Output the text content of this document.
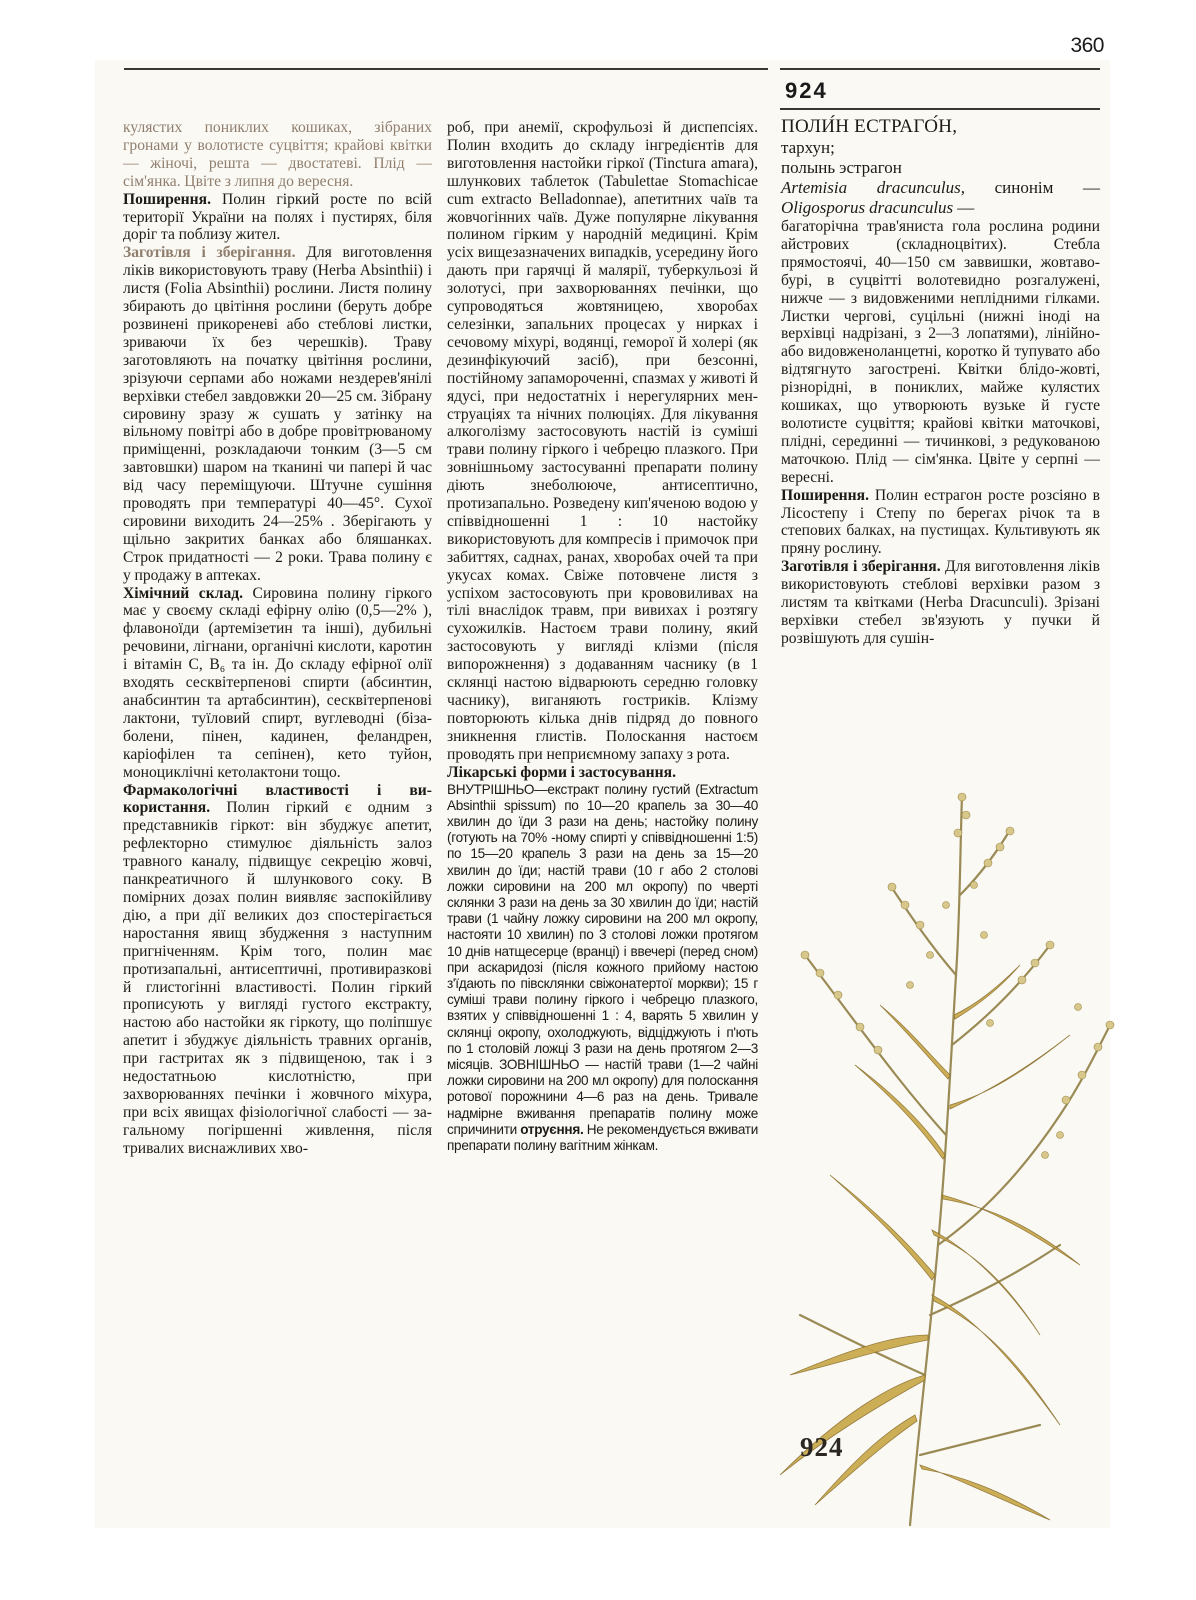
360
924

кулястих пониклих кошиках, зібраних гронами у волотисте суцвіття; крайові квітки — жіночі, решта — двостатеві. Плід — сім'янка. Цвіте з липня до вересня.

Поширення. Полин гіркий росте по всій території України на полях і пустирях, біля доріг та поблизу жител.

Заготівля і зберігання. Для виготовлення ліків використовують траву (Herba Absinthii) і листя (Folia Absinthii) рослини. Листя полину збирають до цвітіння рослини (беруть добре розвинені прикореневі або стеблові листки, зриваючи їх без черешків). Траву заготовляють на початку цвітіння рослини, зрізуючи серпами або ножами нездерев'янілі верхівки стебел завдовжки 20—25 см. Зібрану сировину зразу ж сушать у затінку на вільному повітрі або в добре провітрюваному приміщенні, розкладаючи тонким (3—5 см завтовшки) шаром на тканині чи папері й час від часу переміщуючи. Штучне сушіння проводять при температурі 40—45°. Сухої сировини виходить 24—25% . Зберігають у щільно закритих банках або бляшанках. Строк придатності — 2 роки. Трава полину є у продажу в аптеках.

Хімічний склад. Сировина полину гіркого має у своєму складі ефірну олію (0,5—2% ), флавоноїди (артемізетин та інші), дубильні речовини, лігнани, органічні кислоти, каротин і вітамін C, B₆ та ін. До складу ефірної олії входять сесквітерпенові спирти (абсинтин, анабсинтин та артабсинтин), сесквітерпенові лактони, туїловий спирт, вуглеводні (бізаболени, пінен, кадинен, феландрен, каріофілен та сепінен), кето туйон, моноциклічні кетолактони тощо.

Фармакологічні властивості і використання. Полин гіркий є одним з представників гіркот: він збуджує апетит, рефлекторно стимулює діяльність залоз травного каналу, підвищує секрецію жовчі, панкреатичного й шлункового соку. В помірних дозах полин виявляє заспокійливу дію, а при дії великих доз спостерігається наростання явищ збудження з наступним пригніченням. Крім того, полин має протизапальні, антисептичні, противиразкові й глистогінні властивості. Полин гіркий прописують у вигляді густого екстракту, настою або настойки як гіркоту, що поліпшує апетит і збуджує діяльність травних органів, при гастритах як з підвищеною, так і з недостатньою кислотністю, при захворюваннях печінки і жовчного міхура, при всіх явищах фізіологічної слабості — загальному погіршенні живлення, після тривалих виснажливих хво-

роб, при анемії, скрофульозі й диспепсіях. Полин входить до складу інгредієнтів для виготовлення настойки гіркої (Tinctura amara), шлункових таблеток (Tabulettae Stomachicae cum extracto Belladonnae), апетитних чаїв та жовчогінних чаїв. Дуже популярне лікування полином гірким у народній медицині. Крім усіх вищезазначених випадків, усередину його дають при гарячці й малярії, туберкульозі й золотусі, при захворюваннях печінки, що супроводяться жовтяницею, хворобах селезінки, запальних процесах у нирках і сечовому міхурі, водянці, геморої й холері (як дезинфікуючий засіб), при безсонні, постійному запамороченні, спазмах у животі й ядусі, при недостатніх і нерегулярних менструаціях та нічних полюціях. Для лікування алкоголізму застосовують настій із суміші трави полину гіркого і чебрецю плазкого. При зовнішньому застосуванні препарати полину діють знеболююче, антисептично, протизапально. Розведену кип'яченою водою у співвідношенні 1 : 10 настойку використовують для компресів і примочок при забиттях, саднах, ранах, хворобах очей та при укусах комах. Свіже потовчене листя з успіхом застосовують при крововиливах на тілі внаслідок травм, при вивихах і розтягу сухожилків. Настоєм трави полину, який застосовують у вигляді клізми (після випорожнення) з додаванням часнику (в 1 склянці настою відварюють середню головку часнику), виганяють гостриків. Клізму повторюють кілька днів підряд до повного зникнення глистів. Полоскання настоєм проводять при неприємному запаху з рота.

Лікарські форми і застосування.

ВНУТРІШНЬО—екстракт полину густий (Extractum Absinthii spissum) по 10—20 крапель за 30—40 хвилин до їди 3 рази на день; настойку полину (готують на 70% -ному спирті у співвідношенні 1:5) по 15—20 крапель 3 рази на день за 15—20 хвилин до їди; настій трави (10 г або 2 столові ложки сировини на 200 мл окропу) по чверті склянки 3 рази на день за 30 хвилин до їди; настій трави (1 чайну ложку сировини на 200 мл окропу, настояти 10 хвилин) по 3 столові ложки протягом 10 днів натщесерце (вранці) і ввечері (перед сном) при аскаридозі (після кожного прийому настою з'їдають по півсклянки свіжонатертої моркви); 15 г суміші трави полину гіркого і чебрецю плазкого, взятих у співвідношенні 1 : 4, варять 5 хвилин у склянці окропу, охолоджують, відціджують і п'ють по 1 столовій ложці 3 рази на день протягом 2—3 місяців. ЗОВНІШНЬО — настій трави (1—2 чайні ложки сировини на 200 мл окропу) для полоскання ротової порожнини 4—6 раз на день. Тривале надмірне вживання препаратів полину може спричинити отруєння. Не рекомендується вживати препарати полину вагітним жінкам.

ПОЛИ́Н ЕСТРАГО́Н,

тархун;

полынь эстрагон

Artemisia dracunculus, синонім — Oligosporus dracunculus —

багаторічна трав'яниста гола рослина родини айстрових (складноцвітих). Стебла прямостоячі, 40—150 см заввишки, жовтаво-бурі, в суцвітті волотевидно розгалужені, нижче — з видовженими неплідними гілками. Листки чергові, суцільні (нижні іноді на верхівці надрізані, з 2—3 лопатями), лінійно- або видовженоланцетні, коротко й тупувато або відтягнуто загострені. Квітки блідо-жовті, різнорідні, в пониклих, майже кулястих кошиках, що утворюють вузьке й густе волотисте суцвіття; крайові квітки маточкові, плідні, серединні — тичинкові, з редукованою маточкою. Плід — сім'янка. Цвіте у серпні — вересні.

Поширення. Полин естрагон росте розсіяно в Лісостепу і Степу по берегах річок та в степових балках, на пустищах. Культивують як пряну рослину.

Заготівля і зберігання. Для виготовлення ліків використовують стеблові верхівки разом з листям та квітками (Herba Dracunculi). Зрізані верхівки стебел зв'язують у пучки й розвішують для сушін-

924
